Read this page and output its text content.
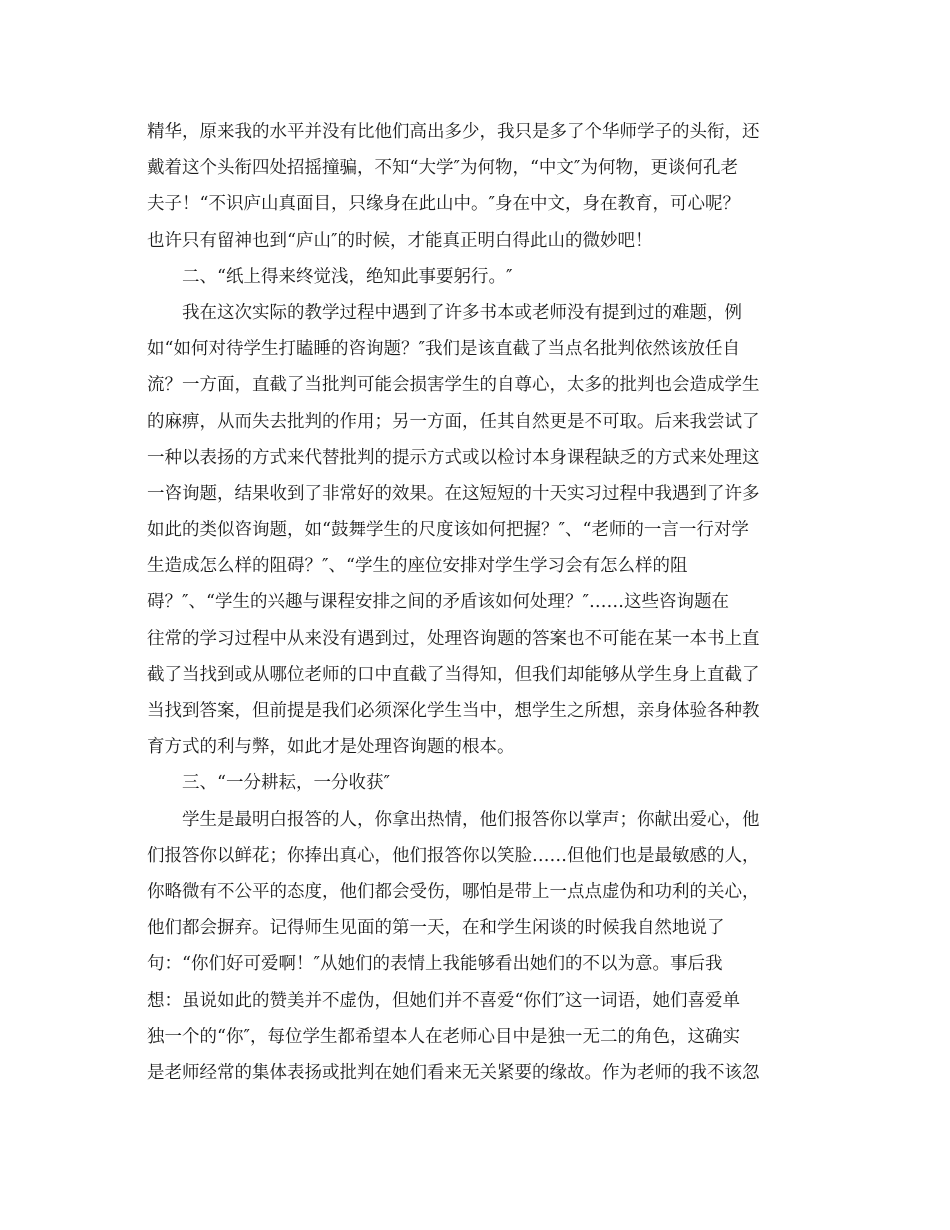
精华，原来我的水平并没有比他们高出多少，我只是多了个华师学子的头衔，还
戴着这个头衔四处招摇撞骗，不知“大学″为何物，“中文″为何物，更谈何孔老
夫子！“不识庐山真面目，只缘身在此山中。″身在中文，身在教育，可心呢？
也许只有留神也到“庐山″的时候，才能真正明白得此山的微妙吧！
二、“纸上得来终觉浅，绝知此事要躬行。″
我在这次实际的教学过程中遇到了许多书本或老师没有提到过的难题，例
如“如何对待学生打瞌睡的咨询题？″我们是该直截了当点名批判依然该放任自
流？一方面，直截了当批判可能会损害学生的自尊心，太多的批判也会造成学生
的麻痹，从而失去批判的作用；另一方面，任其自然更是不可取。后来我尝试了
一种以表扬的方式来代替批判的提示方式或以检讨本身课程缺乏的方式来处理这
一咨询题，结果收到了非常好的效果。在这短短的十天实习过程中我遇到了许多
如此的类似咨询题，如“鼓舞学生的尺度该如何把握？″、“老师的一言一行对学
生造成怎么样的阻碍？″、“学生的座位安排对学生学习会有怎么样的阻
碍？″、“学生的兴趣与课程安排之间的矛盾该如何处理？″……这些咨询题在
往常的学习过程中从来没有遇到过，处理咨询题的答案也不可能在某一本书上直
截了当找到或从哪位老师的口中直截了当得知，但我们却能够从学生身上直截了
当找到答案，但前提是我们必须深化学生当中，想学生之所想，亲身体验各种教
育方式的利与弊，如此才是处理咨询题的根本。
三、“一分耕耘，一分收获″
学生是最明白报答的人，你拿出热情，他们报答你以掌声；你献出爱心，他
们报答你以鲜花；你捧出真心，他们报答你以笑脸……但他们也是最敏感的人，
你略微有不公平的态度，他们都会受伤，哪怕是带上一点点虚伪和功利的关心，
他们都会摒弃。记得师生见面的第一天，在和学生闲谈的时候我自然地说了
句：“你们好可爱啊！″从她们的表情上我能够看出她们的不以为意。事后我
想：虽说如此的赞美并不虚伪，但她们并不喜爱“你们″这一词语，她们喜爱单
独一个的“你″，每位学生都希望本人在老师心目中是独一无二的角色，这确实
是老师经常的集体表扬或批判在她们看来无关紧要的缘故。作为老师的我不该忽
